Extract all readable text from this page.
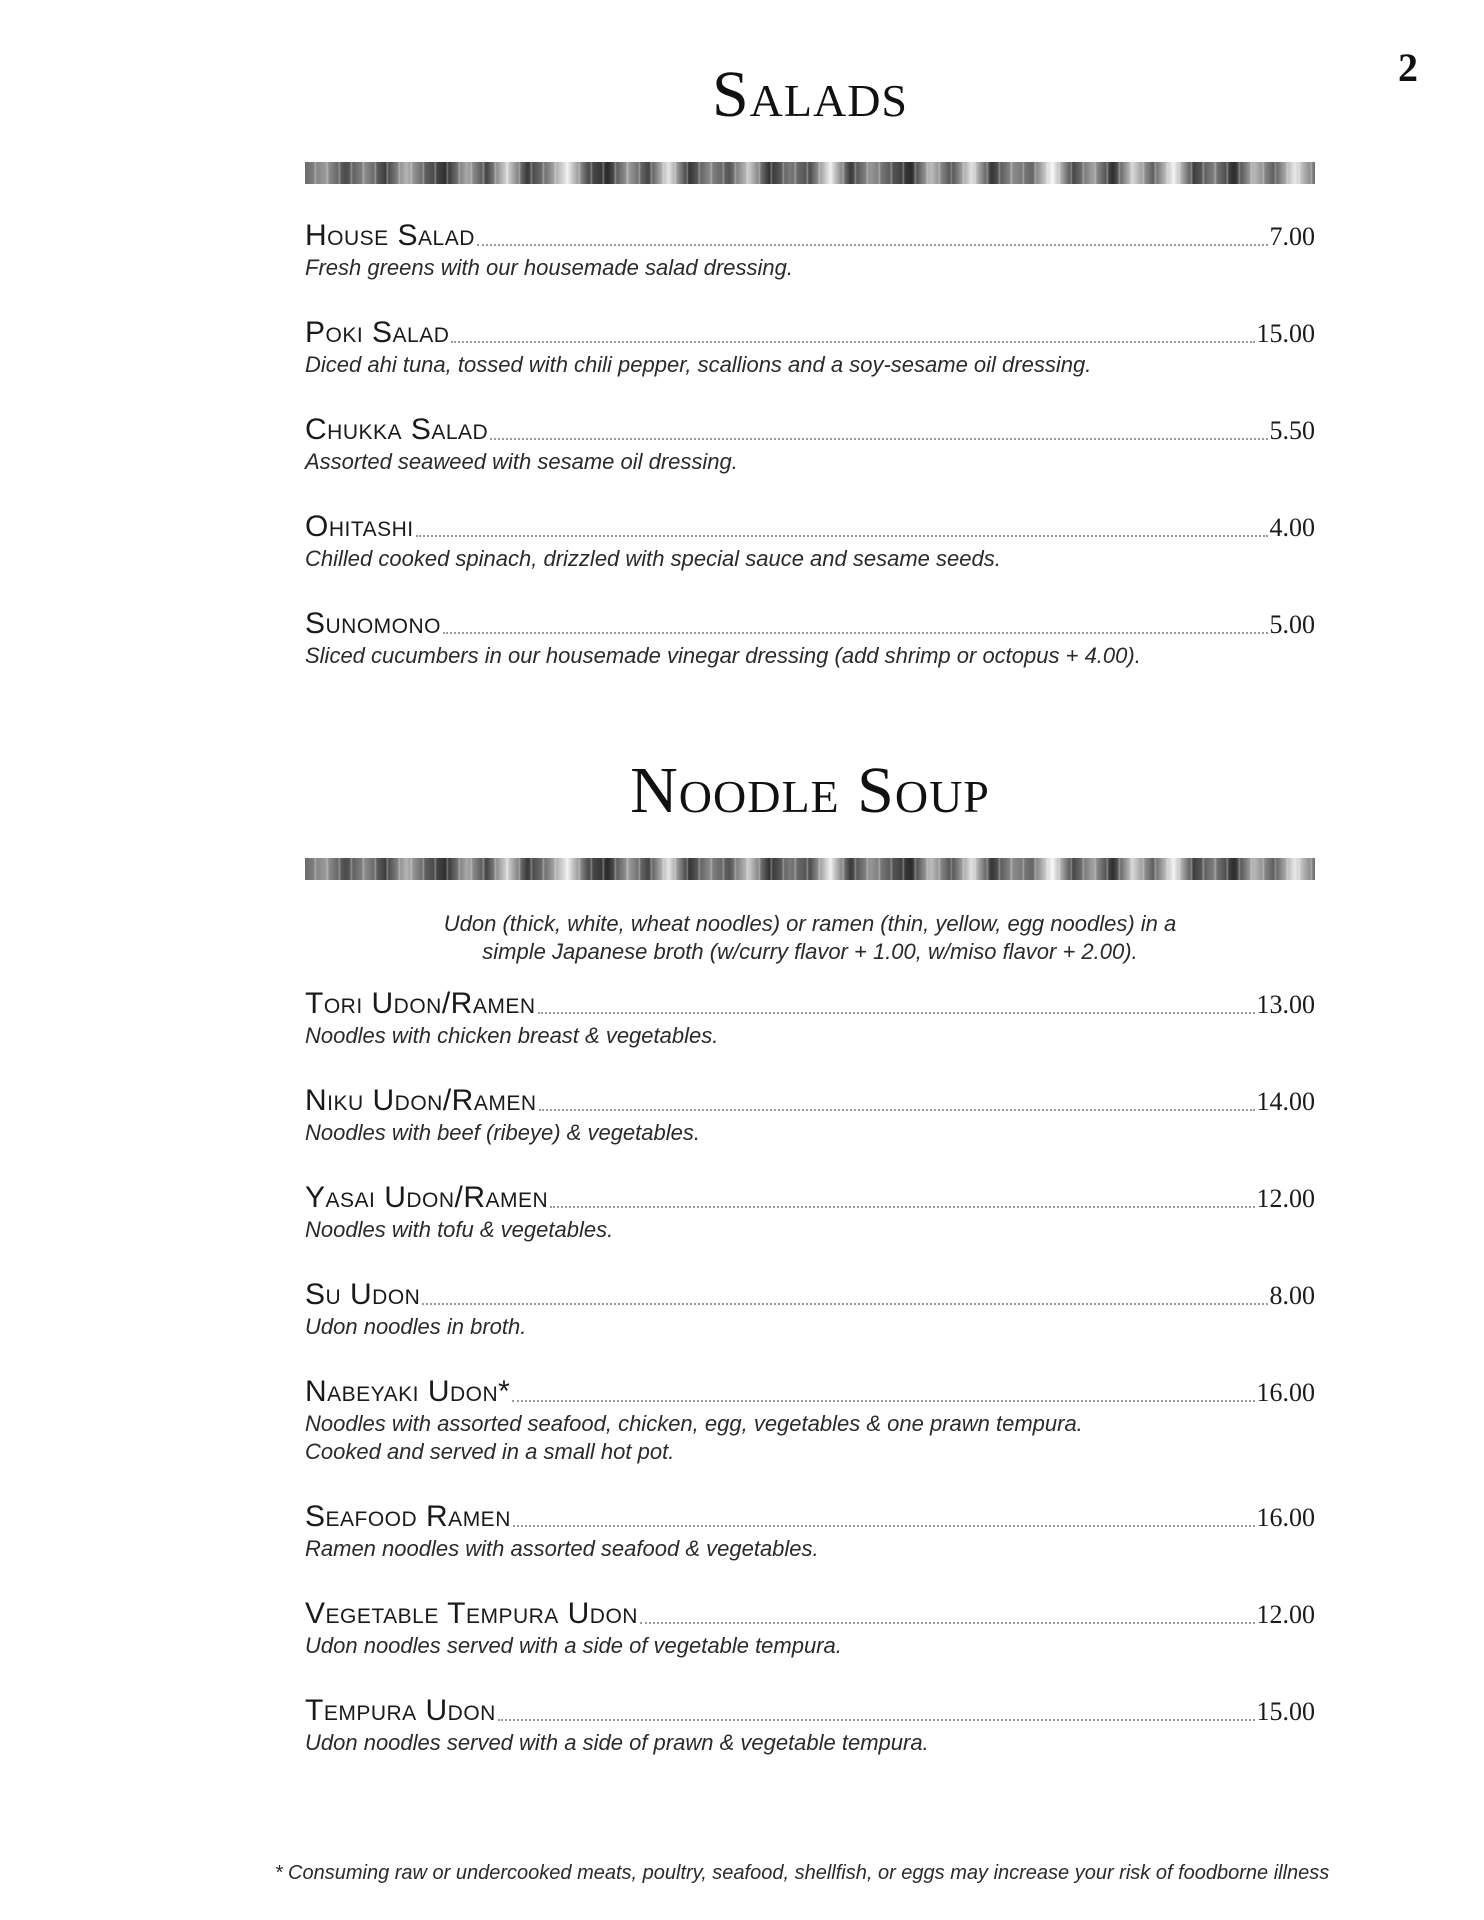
2
Salads
House Salad	7.00
Fresh greens with our housemade salad dressing.
Poki Salad	15.00
Diced ahi tuna, tossed with chili pepper, scallions and a soy-sesame oil dressing.
Chukka Salad	5.50
Assorted seaweed with sesame oil dressing.
Ohitashi	4.00
Chilled cooked spinach, drizzled with special sauce and sesame seeds.
Sunomono	5.00
Sliced cucumbers in our housemade vinegar dressing (add shrimp or octopus + 4.00).
Noodle Soup
Udon (thick, white, wheat noodles) or ramen (thin, yellow, egg noodles) in a
simple Japanese broth (w/curry flavor + 1.00, w/miso flavor + 2.00).
Tori Udon/Ramen	13.00
Noodles with chicken breast & vegetables.
Niku Udon/Ramen	14.00
Noodles with beef (ribeye) & vegetables.
Yasai Udon/Ramen	12.00
Noodles with tofu & vegetables.
Su Udon	8.00
Udon noodles in broth.
Nabeyaki Udon*	16.00
Noodles with assorted seafood, chicken, egg, vegetables & one prawn tempura.
Cooked and served in a small hot pot.
Seafood Ramen	16.00
Ramen noodles with assorted seafood & vegetables.
Vegetable Tempura Udon	12.00
Udon noodles served with a side of vegetable tempura.
Tempura Udon	15.00
Udon noodles served with a side of prawn & vegetable tempura.
* Consuming raw or undercooked meats, poultry, seafood, shellfish, or eggs may increase your risk of foodborne illness
